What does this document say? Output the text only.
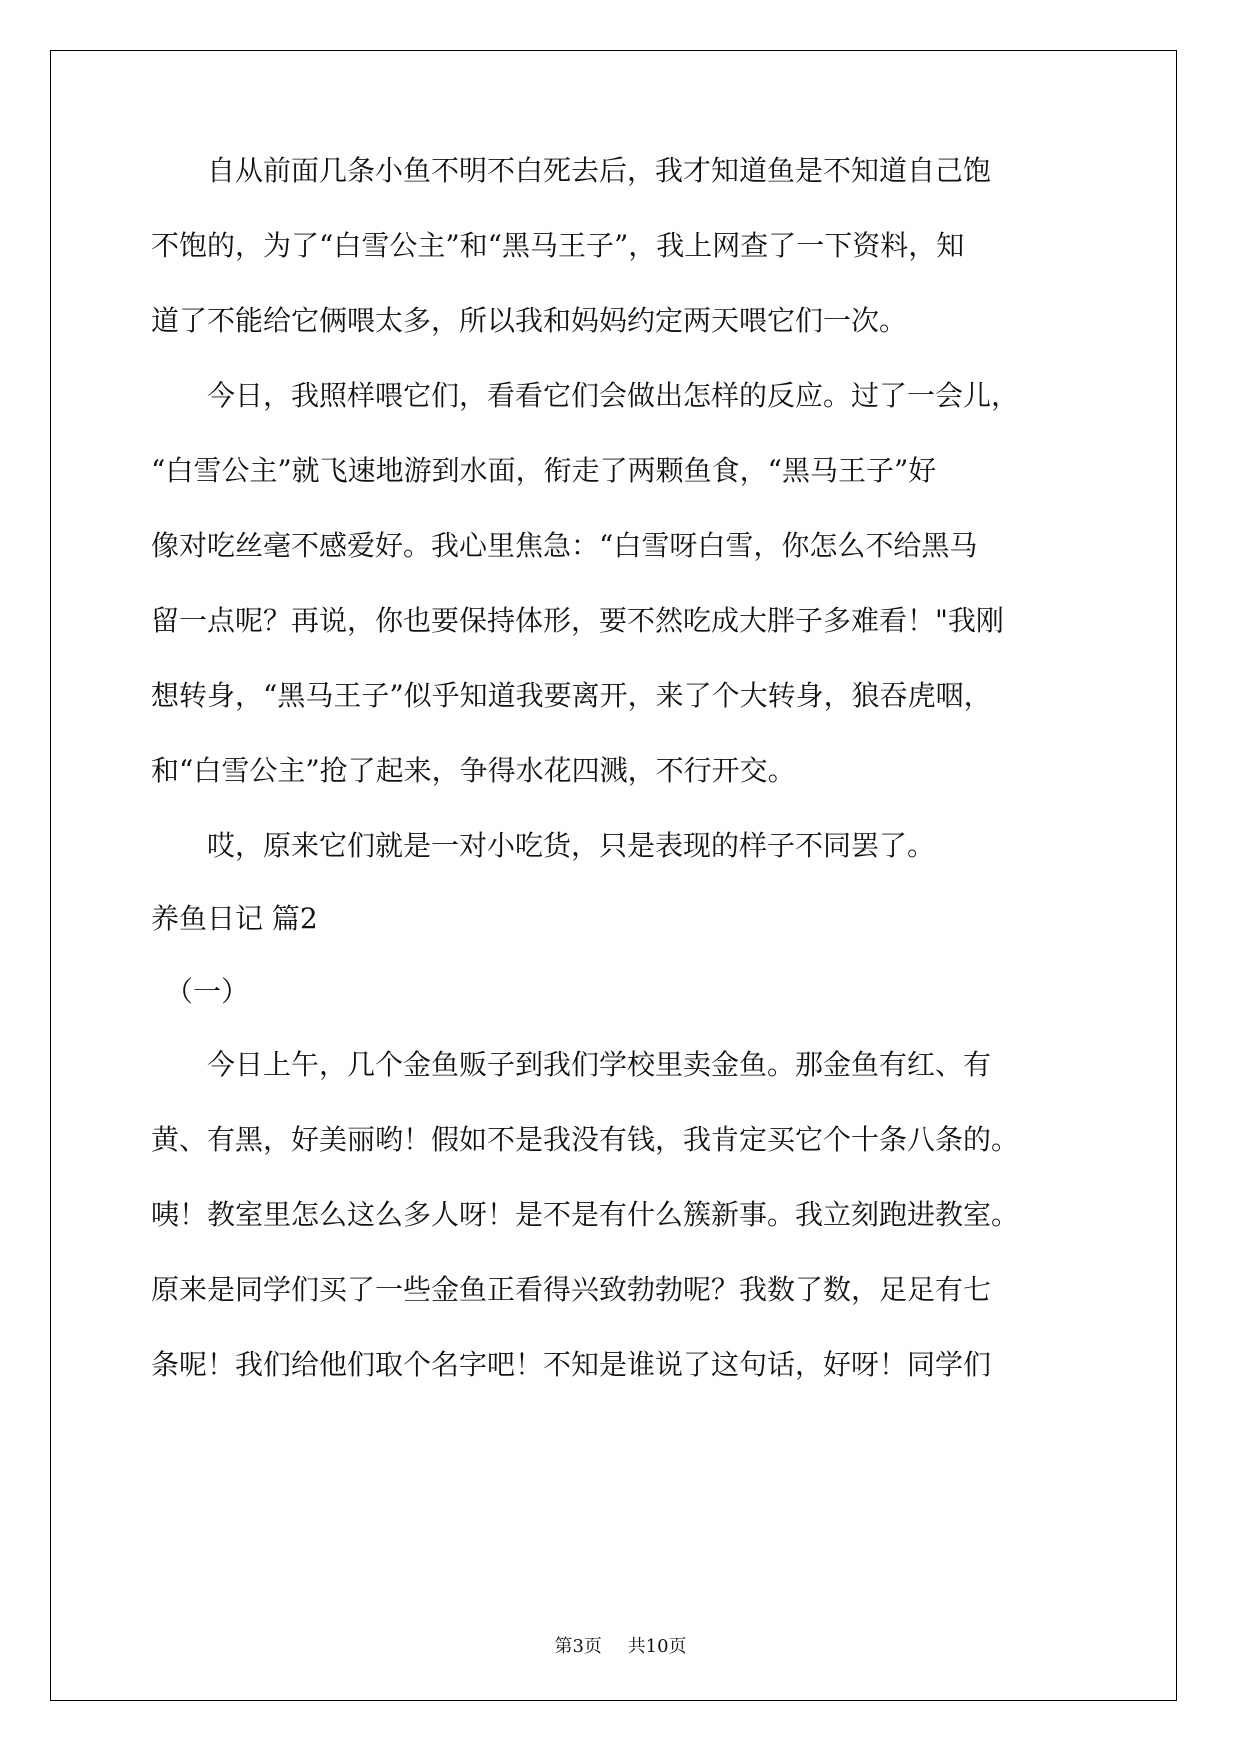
　　自从前面几条小鱼不明不白死去后，我才知道鱼是不知道自己饱

不饱的，为了“白雪公主”和“黑马王子”，我上网查了一下资料，知

道了不能给它俩喂太多，所以我和妈妈约定两天喂它们一次。

　　今日，我照样喂它们，看看它们会做出怎样的反应。过了一会儿，

“白雪公主”就飞速地游到水面，衔走了两颗鱼食，“黑马王子”好

像对吃丝毫不感爱好。我心里焦急：“白雪呀白雪，你怎么不给黑马

留一点呢？再说，你也要保持体形，要不然吃成大胖子多难看！"我刚

想转身，“黑马王子”似乎知道我要离开，来了个大转身，狼吞虎咽，

和“白雪公主”抢了起来，争得水花四溅，不行开交。

　　哎，原来它们就是一对小吃货，只是表现的样子不同罢了。

养鱼日记 篇2

　（一）

　　今日上午，几个金鱼贩子到我们学校里卖金鱼。那金鱼有红、有

黄、有黑，好美丽哟！假如不是我没有钱，我肯定买它个十条八条的。

咦！教室里怎么这么多人呀！是不是有什么簇新事。我立刻跑进教室。

原来是同学们买了一些金鱼正看得兴致勃勃呢？我数了数，足足有七

条呢！我们给他们取个名字吧！不知是谁说了这句话，好呀！同学们

第3页 共10页
